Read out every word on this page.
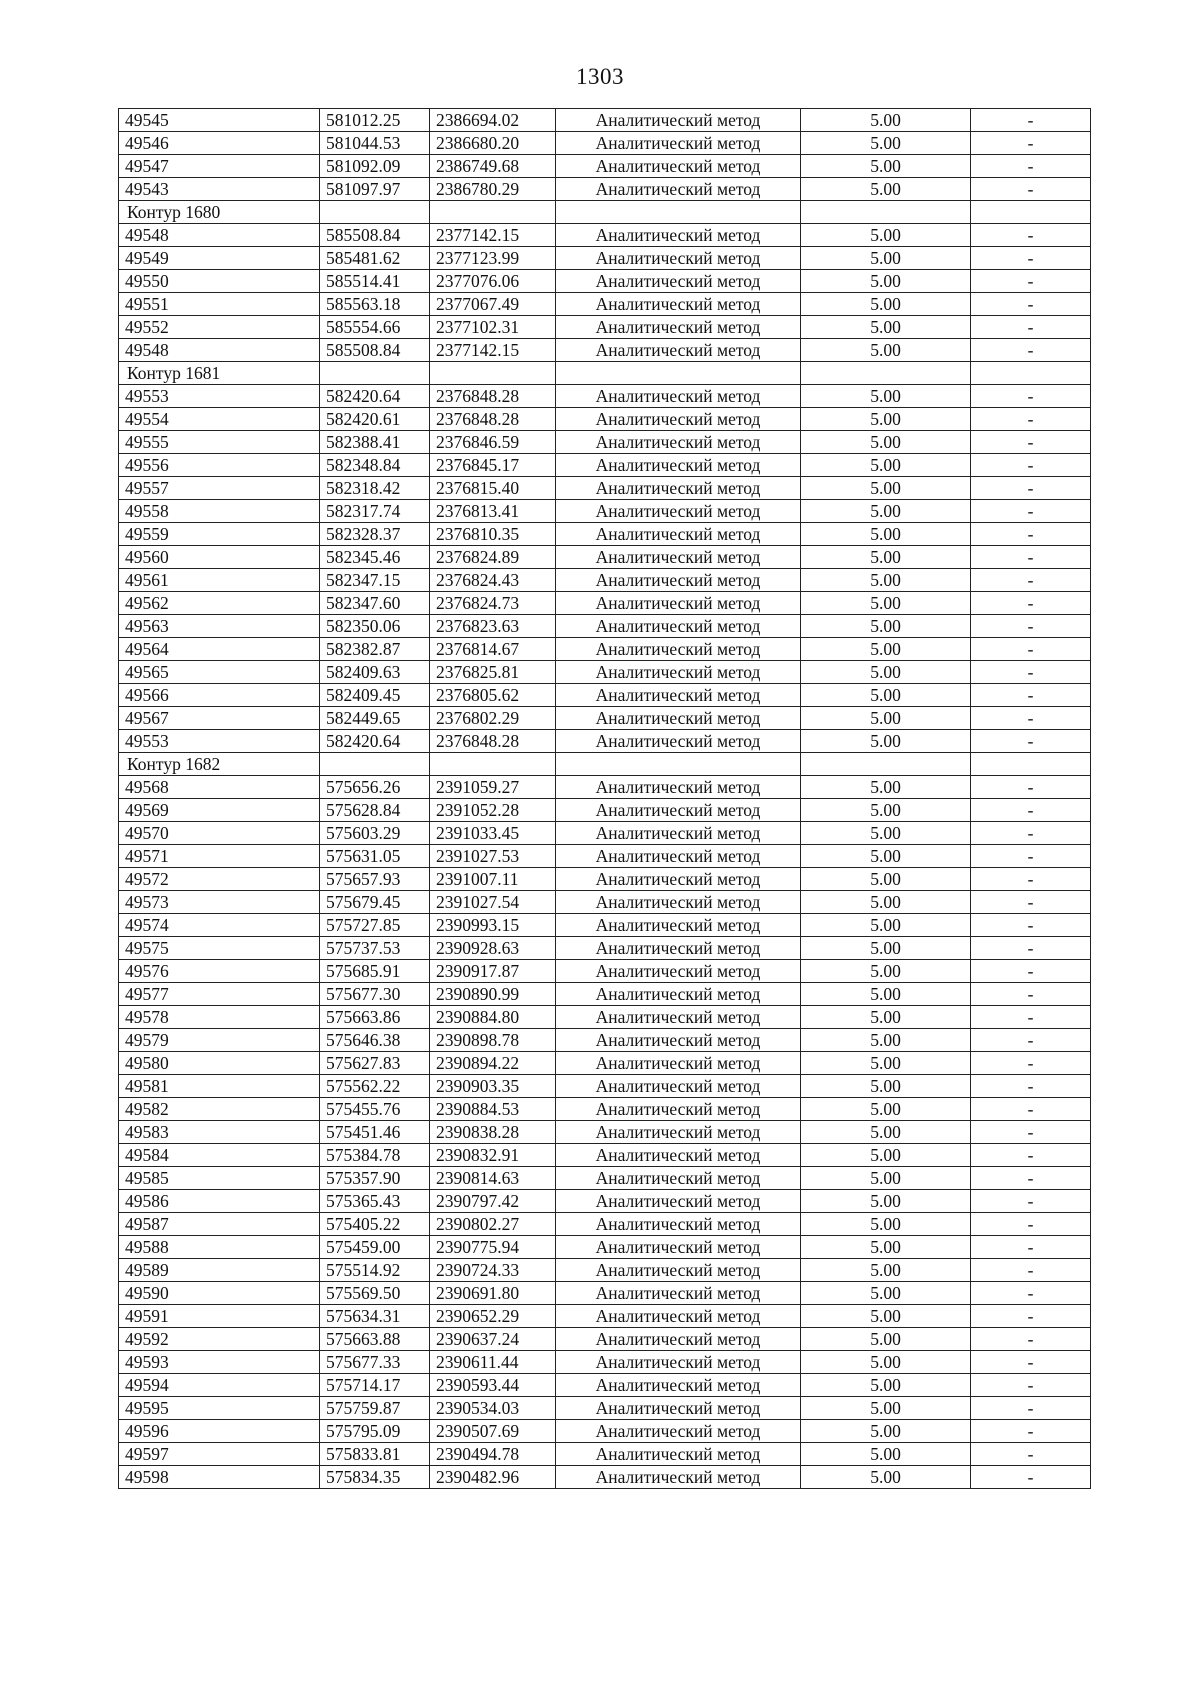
1303
49545	581012.25	2386694.02	Аналитический метод	5.00	-
49546	581044.53	2386680.20	Аналитический метод	5.00	-
49547	581092.09	2386749.68	Аналитический метод	5.00	-
49543	581097.97	2386780.29	Аналитический метод	5.00	-
Контур 1680					
49548	585508.84	2377142.15	Аналитический метод	5.00	-
49549	585481.62	2377123.99	Аналитический метод	5.00	-
49550	585514.41	2377076.06	Аналитический метод	5.00	-
49551	585563.18	2377067.49	Аналитический метод	5.00	-
49552	585554.66	2377102.31	Аналитический метод	5.00	-
49548	585508.84	2377142.15	Аналитический метод	5.00	-
Контур 1681					
49553	582420.64	2376848.28	Аналитический метод	5.00	-
49554	582420.61	2376848.28	Аналитический метод	5.00	-
49555	582388.41	2376846.59	Аналитический метод	5.00	-
49556	582348.84	2376845.17	Аналитический метод	5.00	-
49557	582318.42	2376815.40	Аналитический метод	5.00	-
49558	582317.74	2376813.41	Аналитический метод	5.00	-
49559	582328.37	2376810.35	Аналитический метод	5.00	-
49560	582345.46	2376824.89	Аналитический метод	5.00	-
49561	582347.15	2376824.43	Аналитический метод	5.00	-
49562	582347.60	2376824.73	Аналитический метод	5.00	-
49563	582350.06	2376823.63	Аналитический метод	5.00	-
49564	582382.87	2376814.67	Аналитический метод	5.00	-
49565	582409.63	2376825.81	Аналитический метод	5.00	-
49566	582409.45	2376805.62	Аналитический метод	5.00	-
49567	582449.65	2376802.29	Аналитический метод	5.00	-
49553	582420.64	2376848.28	Аналитический метод	5.00	-
Контур 1682					
49568	575656.26	2391059.27	Аналитический метод	5.00	-
49569	575628.84	2391052.28	Аналитический метод	5.00	-
49570	575603.29	2391033.45	Аналитический метод	5.00	-
49571	575631.05	2391027.53	Аналитический метод	5.00	-
49572	575657.93	2391007.11	Аналитический метод	5.00	-
49573	575679.45	2391027.54	Аналитический метод	5.00	-
49574	575727.85	2390993.15	Аналитический метод	5.00	-
49575	575737.53	2390928.63	Аналитический метод	5.00	-
49576	575685.91	2390917.87	Аналитический метод	5.00	-
49577	575677.30	2390890.99	Аналитический метод	5.00	-
49578	575663.86	2390884.80	Аналитический метод	5.00	-
49579	575646.38	2390898.78	Аналитический метод	5.00	-
49580	575627.83	2390894.22	Аналитический метод	5.00	-
49581	575562.22	2390903.35	Аналитический метод	5.00	-
49582	575455.76	2390884.53	Аналитический метод	5.00	-
49583	575451.46	2390838.28	Аналитический метод	5.00	-
49584	575384.78	2390832.91	Аналитический метод	5.00	-
49585	575357.90	2390814.63	Аналитический метод	5.00	-
49586	575365.43	2390797.42	Аналитический метод	5.00	-
49587	575405.22	2390802.27	Аналитический метод	5.00	-
49588	575459.00	2390775.94	Аналитический метод	5.00	-
49589	575514.92	2390724.33	Аналитический метод	5.00	-
49590	575569.50	2390691.80	Аналитический метод	5.00	-
49591	575634.31	2390652.29	Аналитический метод	5.00	-
49592	575663.88	2390637.24	Аналитический метод	5.00	-
49593	575677.33	2390611.44	Аналитический метод	5.00	-
49594	575714.17	2390593.44	Аналитический метод	5.00	-
49595	575759.87	2390534.03	Аналитический метод	5.00	-
49596	575795.09	2390507.69	Аналитический метод	5.00	-
49597	575833.81	2390494.78	Аналитический метод	5.00	-
49598	575834.35	2390482.96	Аналитический метод	5.00	-
